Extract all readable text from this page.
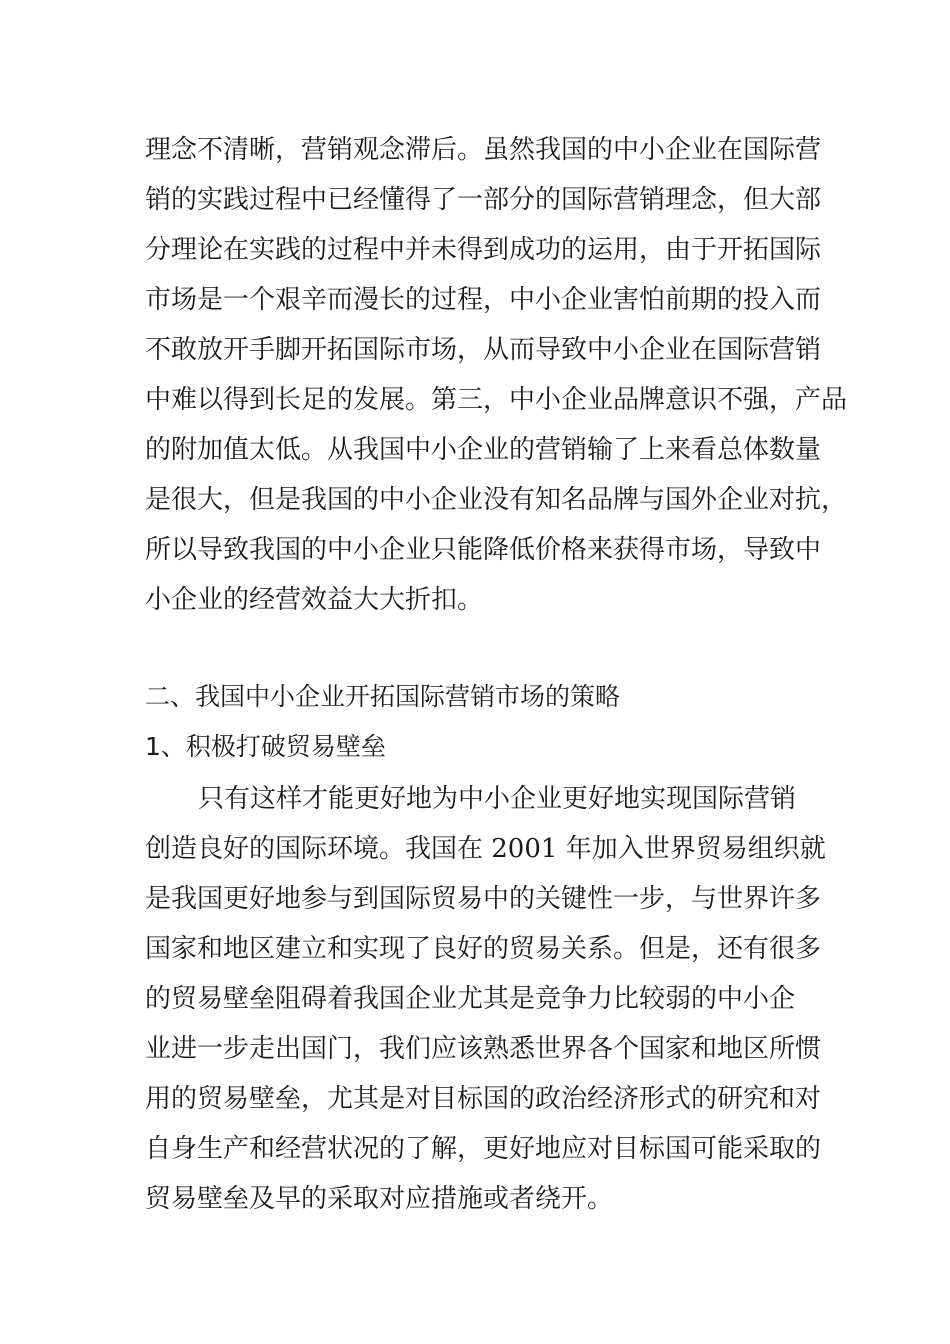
理念不清晰，营销观念滞后。虽然我国的中小企业在国际营
销的实践过程中已经懂得了一部分的国际营销理念，但大部
分理论在实践的过程中并未得到成功的运用，由于开拓国际
市场是一个艰辛而漫长的过程，中小企业害怕前期的投入而
不敢放开手脚开拓国际市场，从而导致中小企业在国际营销
中难以得到长足的发展。第三，中小企业品牌意识不强，产品
的附加值太低。从我国中小企业的营销输了上来看总体数量
是很大，但是我国的中小企业没有知名品牌与国外企业对抗，
所以导致我国的中小企业只能降低价格来获得市场，导致中
小企业的经营效益大大折扣。
二、我国中小企业开拓国际营销市场的策略
1、积极打破贸易壁垒
只有这样才能更好地为中小企业更好地实现国际营销
创造良好的国际环境。我国在 2001 年加入世界贸易组织就
是我国更好地参与到国际贸易中的关键性一步，与世界许多
国家和地区建立和实现了良好的贸易关系。但是，还有很多
的贸易壁垒阻碍着我国企业尤其是竞争力比较弱的中小企
业进一步走出国门，我们应该熟悉世界各个国家和地区所惯
用的贸易壁垒，尤其是对目标国的政治经济形式的研究和对
自身生产和经营状况的了解，更好地应对目标国可能采取的
贸易壁垒及早的采取对应措施或者绕开。
